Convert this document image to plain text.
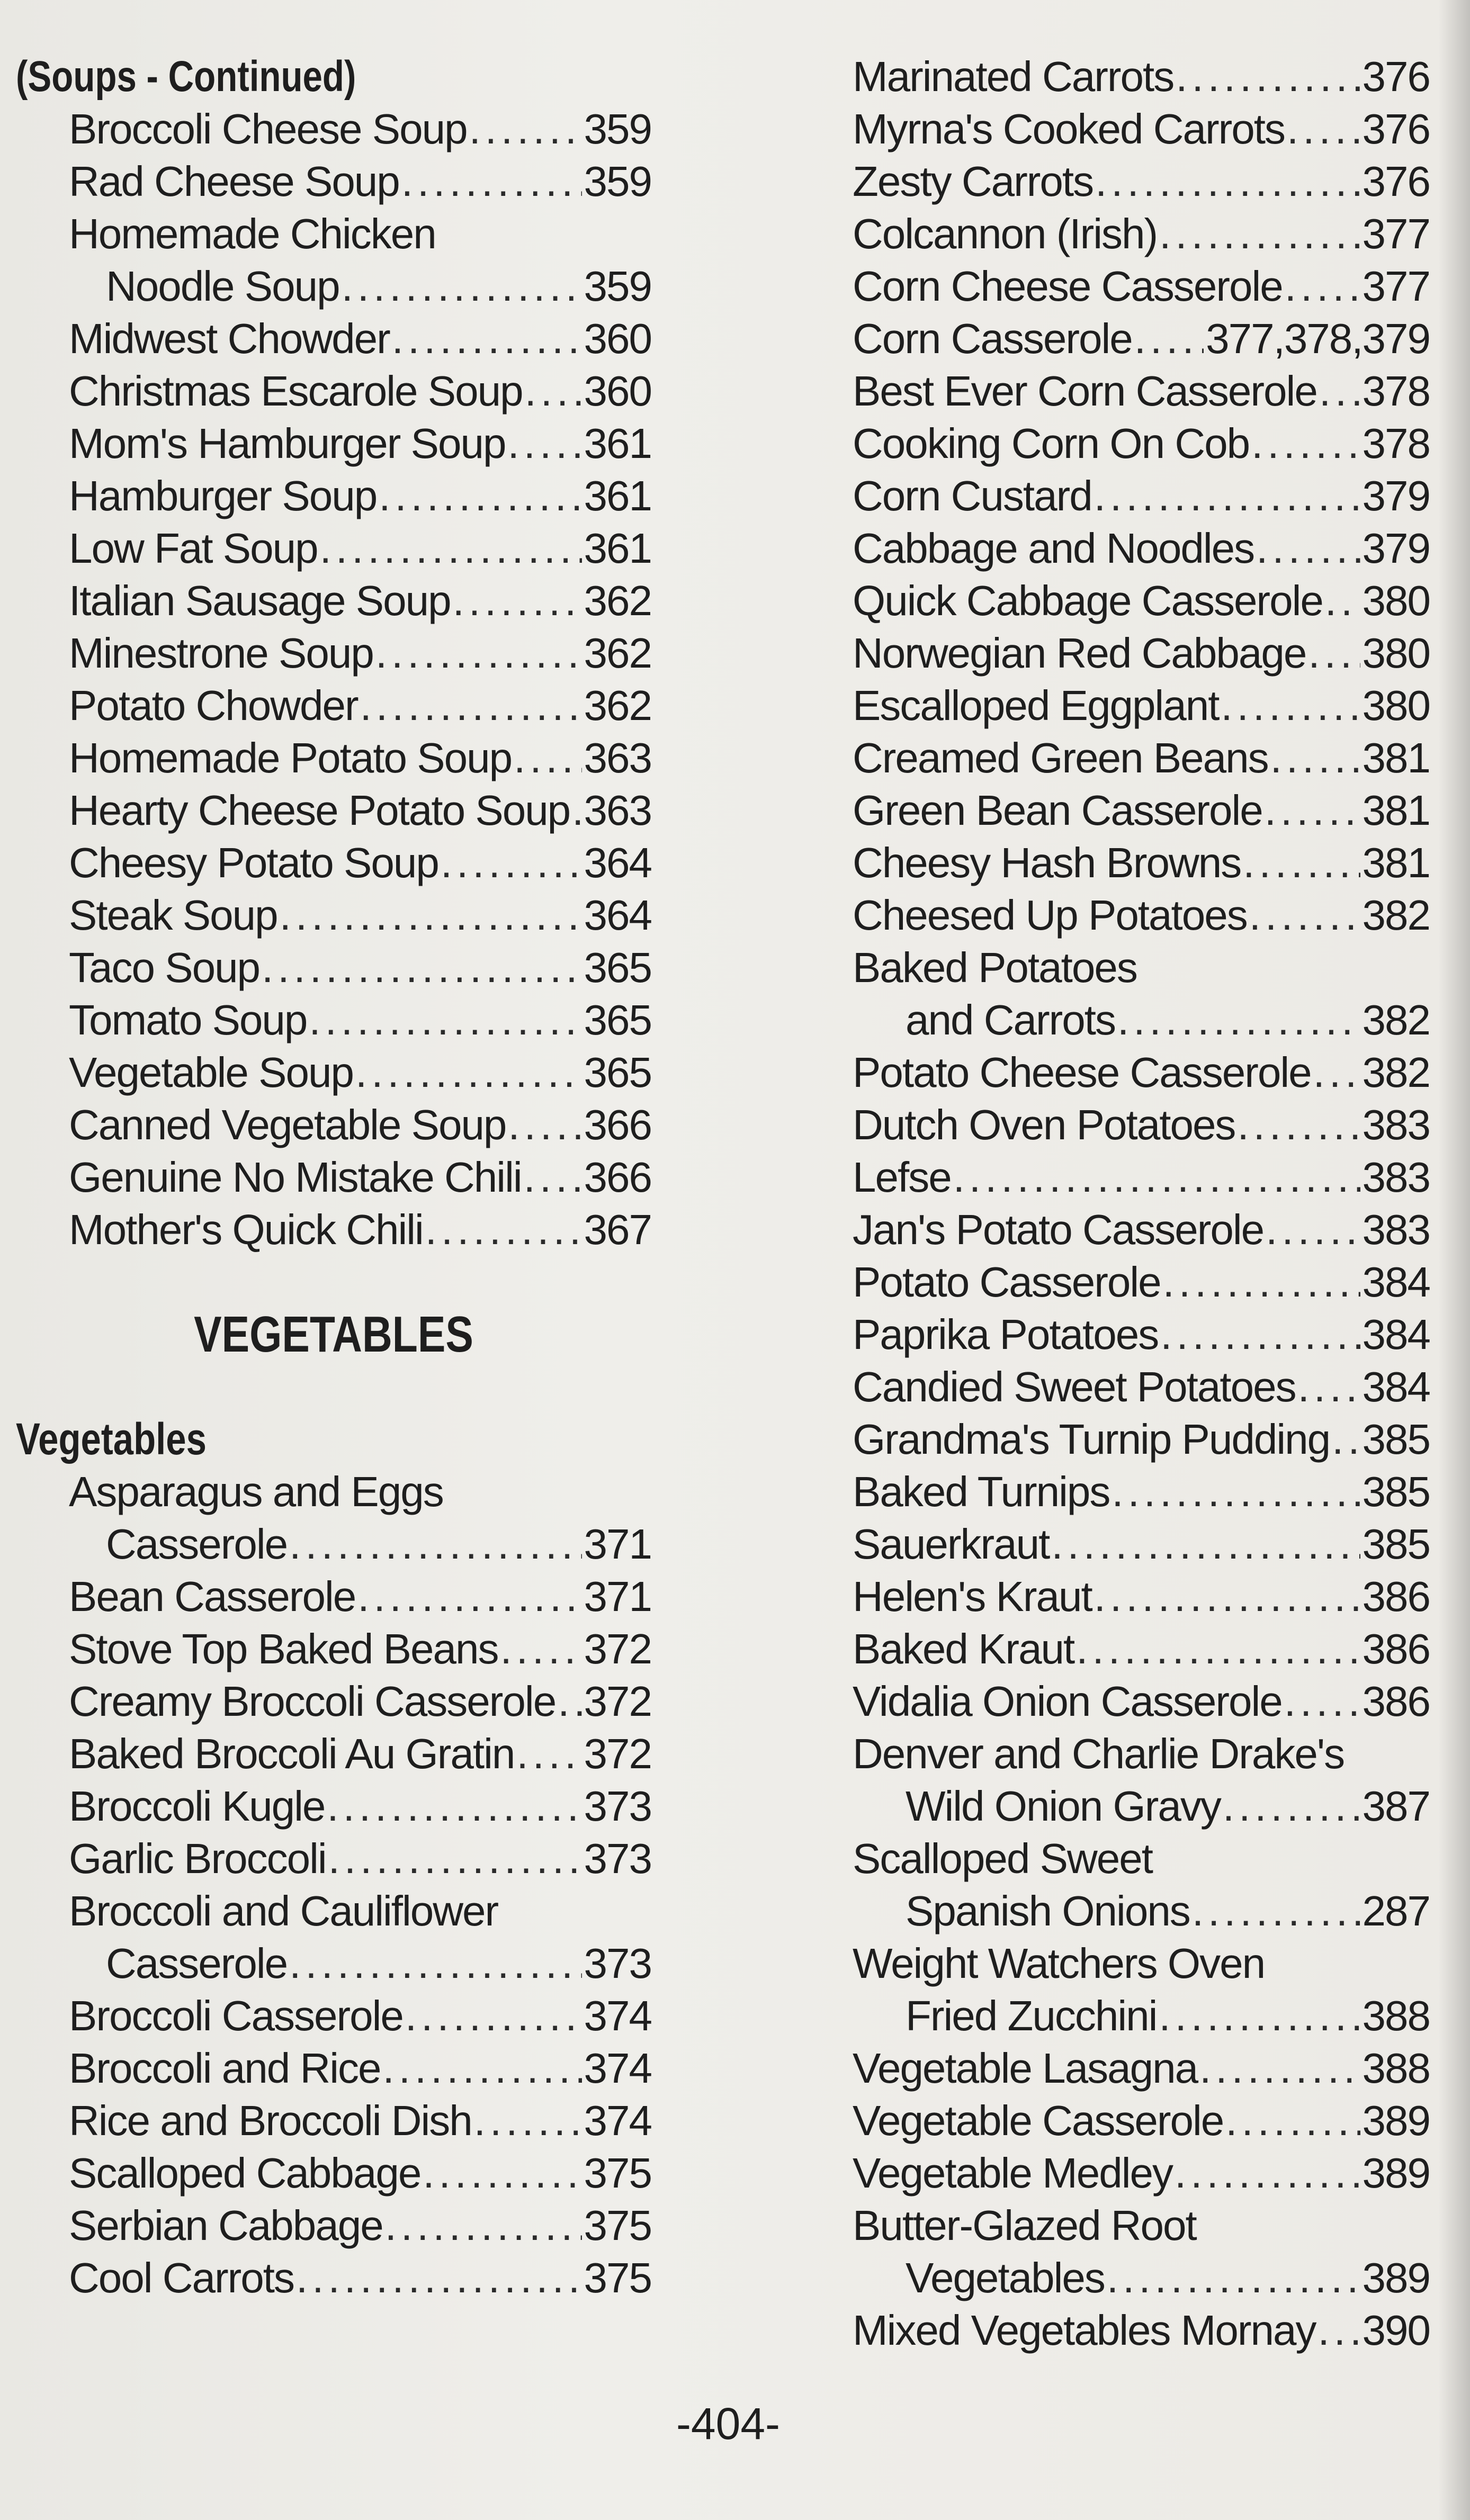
(Soups - Continued)
Broccoli Cheese Soup .....	359
Rad Cheese Soup .....	359
Homemade Chicken
Noodle Soup .....	359
Midwest Chowder .....	360
Christmas Escarole Soup ..... 360
Mom's Hamburger Soup ..... 361
Hamburger Soup .....	361
Low Fat Soup .....	361
Italian Sausage Soup .....	362
Minestrone Soup .....	362
Potato Chowder .....	362
Homemade Potato Soup ..... 363
Hearty Cheese Potato Soup ..... 363
Cheesy Potato Soup .....	364
Steak Soup .....	364
Taco Soup .....	365
Tomato Soup .....	365
Vegetable Soup .....	365
Canned Vegetable Soup ..... 366
Genuine No Mistake Chili ..... 366
Mother's Quick Chili .....	367
VEGETABLES
Vegetables
Asparagus and Eggs
Casserole .....	371
Bean Casserole .....	371
Stove Top Baked Beans ..... 372
Creamy Broccoli Casserole ..... 372
Baked Broccoli Au Gratin ..... 372
Broccoli Kugle .....	373
Garlic Broccoli .....	373
Broccoli and Cauliflower
Casserole .....	373
Broccoli Casserole .....	374
Broccoli and Rice .....	374
Rice and Broccoli Dish .....	374
Scalloped Cabbage .....	375
Serbian Cabbage .....	375
Cool Carrots .....	375
Marinated Carrots .....	376
Myrna's Cooked Carrots ..... 376
Zesty Carrots .....	376
Colcannon (Irish) .....	377
Corn Cheese Casserole ..... 377
Corn Casserole ..... 377,378,379
Best Ever Corn Casserole ..... 378
Cooking Corn On Cob .....	378
Corn Custard .....	379
Cabbage and Noodles .....	379
Quick Cabbage Casserole ..... 380
Norwegian Red Cabbage ..... 380
Escalloped Eggplant .....	380
Creamed Green Beans ..... 381
Green Bean Casserole ..... 381
Cheesy Hash Browns .....	381
Cheesed Up Potatoes .....	382
Baked Potatoes
and Carrots .....	382
Potato Cheese Casserole ..... 382
Dutch Oven Potatoes .....	383
Lefse .....	383
Jan's Potato Casserole ..... 383
Potato Casserole .....	384
Paprika Potatoes .....	384
Candied Sweet Potatoes ..... 384
Grandma's Turnip Pudding ..... 385
Baked Turnips .....	385
Sauerkraut .....	385
Helen's Kraut .....	386
Baked Kraut .....	386
Vidalia Onion Casserole ..... 386
Denver and Charlie Drake's
Wild Onion Gravy .....	387
Scalloped Sweet
Spanish Onions .....	287
Weight Watchers Oven
Fried Zucchini .....	388
Vegetable Lasagna .....	388
Vegetable Casserole .....	389
Vegetable Medley .....	389
Butter-Glazed Root
Vegetables .....	389
Mixed Vegetables Mornay ..... 390
-404-
